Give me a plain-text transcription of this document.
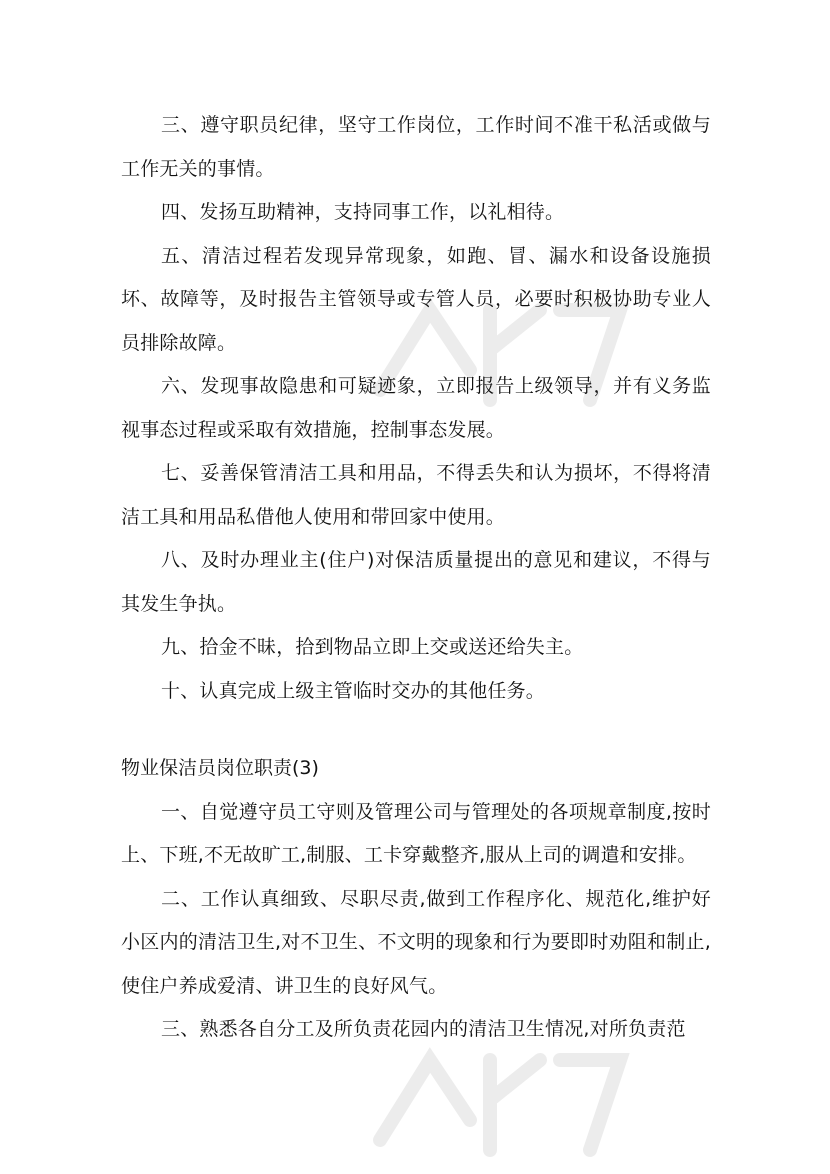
三、遵守职员纪律，坚守工作岗位，工作时间不准干私活或做与工作无关的事情。

四、发扬互助精神，支持同事工作，以礼相待。

五、清洁过程若发现异常现象，如跑、冒、漏水和设备设施损坏、故障等，及时报告主管领导或专管人员，必要时积极协助专业人员排除故障。

六、发现事故隐患和可疑迹象，立即报告上级领导，并有义务监视事态过程或采取有效措施，控制事态发展。

七、妥善保管清洁工具和用品，不得丢失和认为损坏，不得将清洁工具和用品私借他人使用和带回家中使用。

八、及时办理业主(住户)对保洁质量提出的意见和建议，不得与其发生争执。

九、拾金不昧，拾到物品立即上交或送还给失主。

十、认真完成上级主管临时交办的其他任务。

物业保洁员岗位职责(3)

一、自觉遵守员工守则及管理公司与管理处的各项规章制度,按时上、下班,不无故旷工,制服、工卡穿戴整齐,服从上司的调遣和安排。

二、工作认真细致、尽职尽责,做到工作程序化、规范化,维护好小区内的清洁卫生,对不卫生、不文明的现象和行为要即时劝阻和制止,使住户养成爱清、讲卫生的良好风气。

三、熟悉各自分工及所负责花园内的清洁卫生情况,对所负责范
